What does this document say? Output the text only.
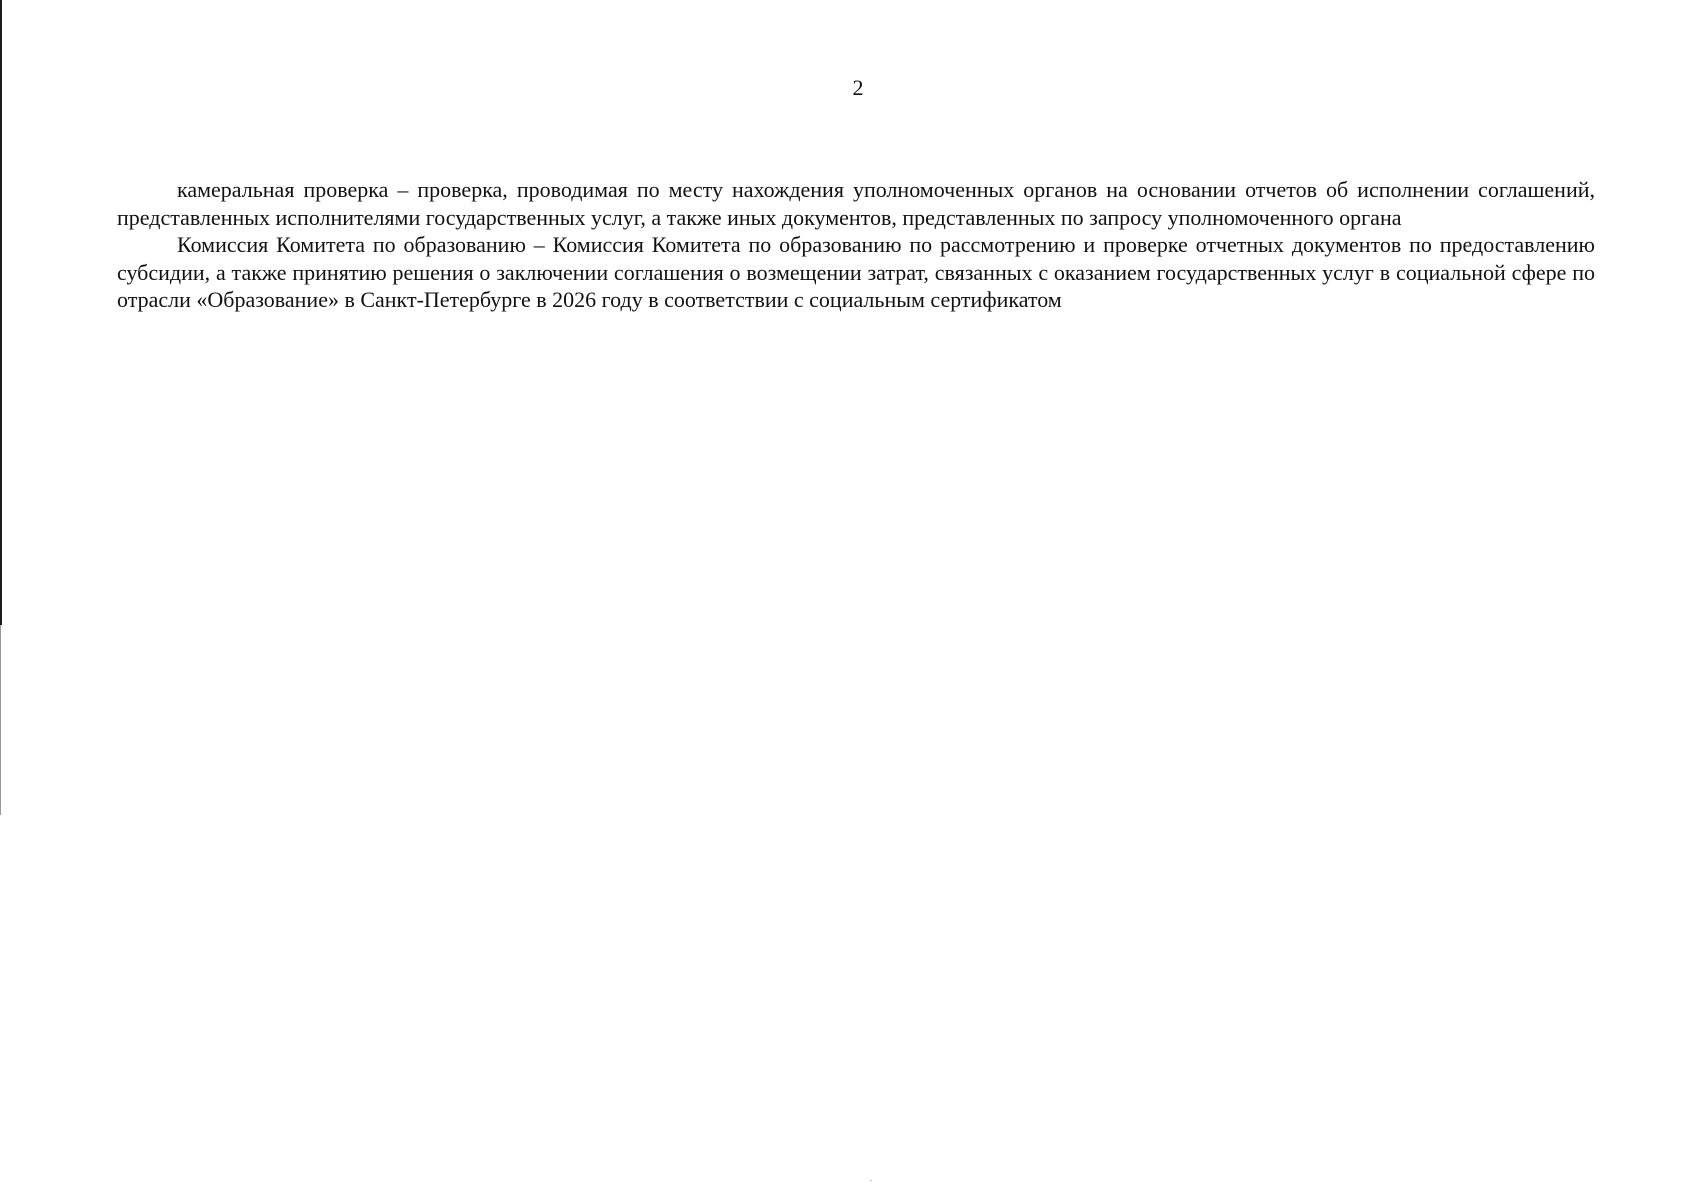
2

камеральная проверка – проверка, проводимая по месту нахождения уполномоченных органов на основании отчетов об исполнении соглашений, представленных исполнителями государственных услуг, а также иных документов, представленных по запросу уполномоченного органа

Комиссия Комитета по образованию – Комиссия Комитета по образованию по рассмотрению и проверке отчетных документов по предоставлению субсидии, а также принятию решения о заключении соглашения о возмещении затрат, связанных с оказанием государственных услуг в социальной сфере по отрасли «Образование» в Санкт-Петербурге в 2026 году в соответствии с социальным сертификатом
